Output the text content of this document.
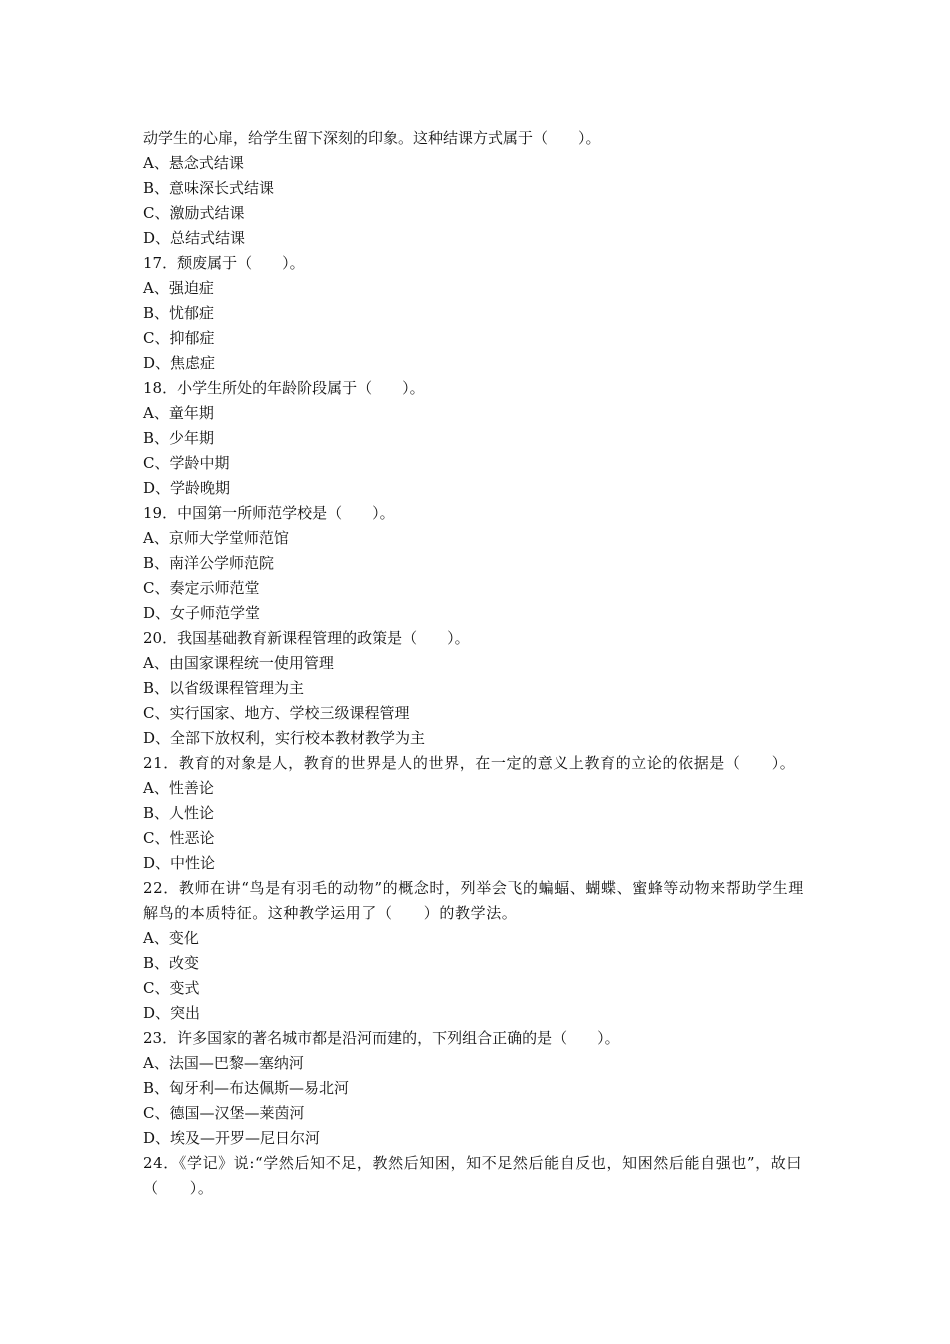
动学生的心扉，给学生留下深刻的印象。这种结课方式属于（　　）。
A、悬念式结课
B、意味深长式结课
C、激励式结课
D、总结式结课
17．颓废属于（　　）。
A、强迫症
B、忧郁症
C、抑郁症
D、焦虑症
18．小学生所处的年龄阶段属于（　　）。
A、童年期
B、少年期
C、学龄中期
D、学龄晚期
19．中国第一所师范学校是（　　）。
A、京师大学堂师范馆
B、南洋公学师范院
C、奏定示师范堂
D、女子师范学堂
20．我国基础教育新课程管理的政策是（　　）。
A、由国家课程统一使用管理
B、以省级课程管理为主
C、实行国家、地方、学校三级课程管理
D、全部下放权利，实行校本教材教学为主
21．教育的对象是人，教育的世界是人的世界，在一定的意义上教育的立论的依据是（　　）。
A、性善论
B、人性论
C、性恶论
D、中性论
22．教师在讲“鸟是有羽毛的动物”的概念时，列举会飞的蝙蝠、蝴蝶、蜜蜂等动物来帮助学生理解鸟的本质特征。这种教学运用了（　　）的教学法。
A、变化
B、改变
C、变式
D、突出
23．许多国家的著名城市都是沿河而建的，下列组合正确的是（　　）。
A、法国—巴黎—塞纳河
B、匈牙利—布达佩斯—易北河
C、德国—汉堡—莱茵河
D、埃及—开罗—尼日尔河
24．《学记》说:“学然后知不足，教然后知困，知不足然后能自反也，知困然后能自强也”，故曰（　　）。
